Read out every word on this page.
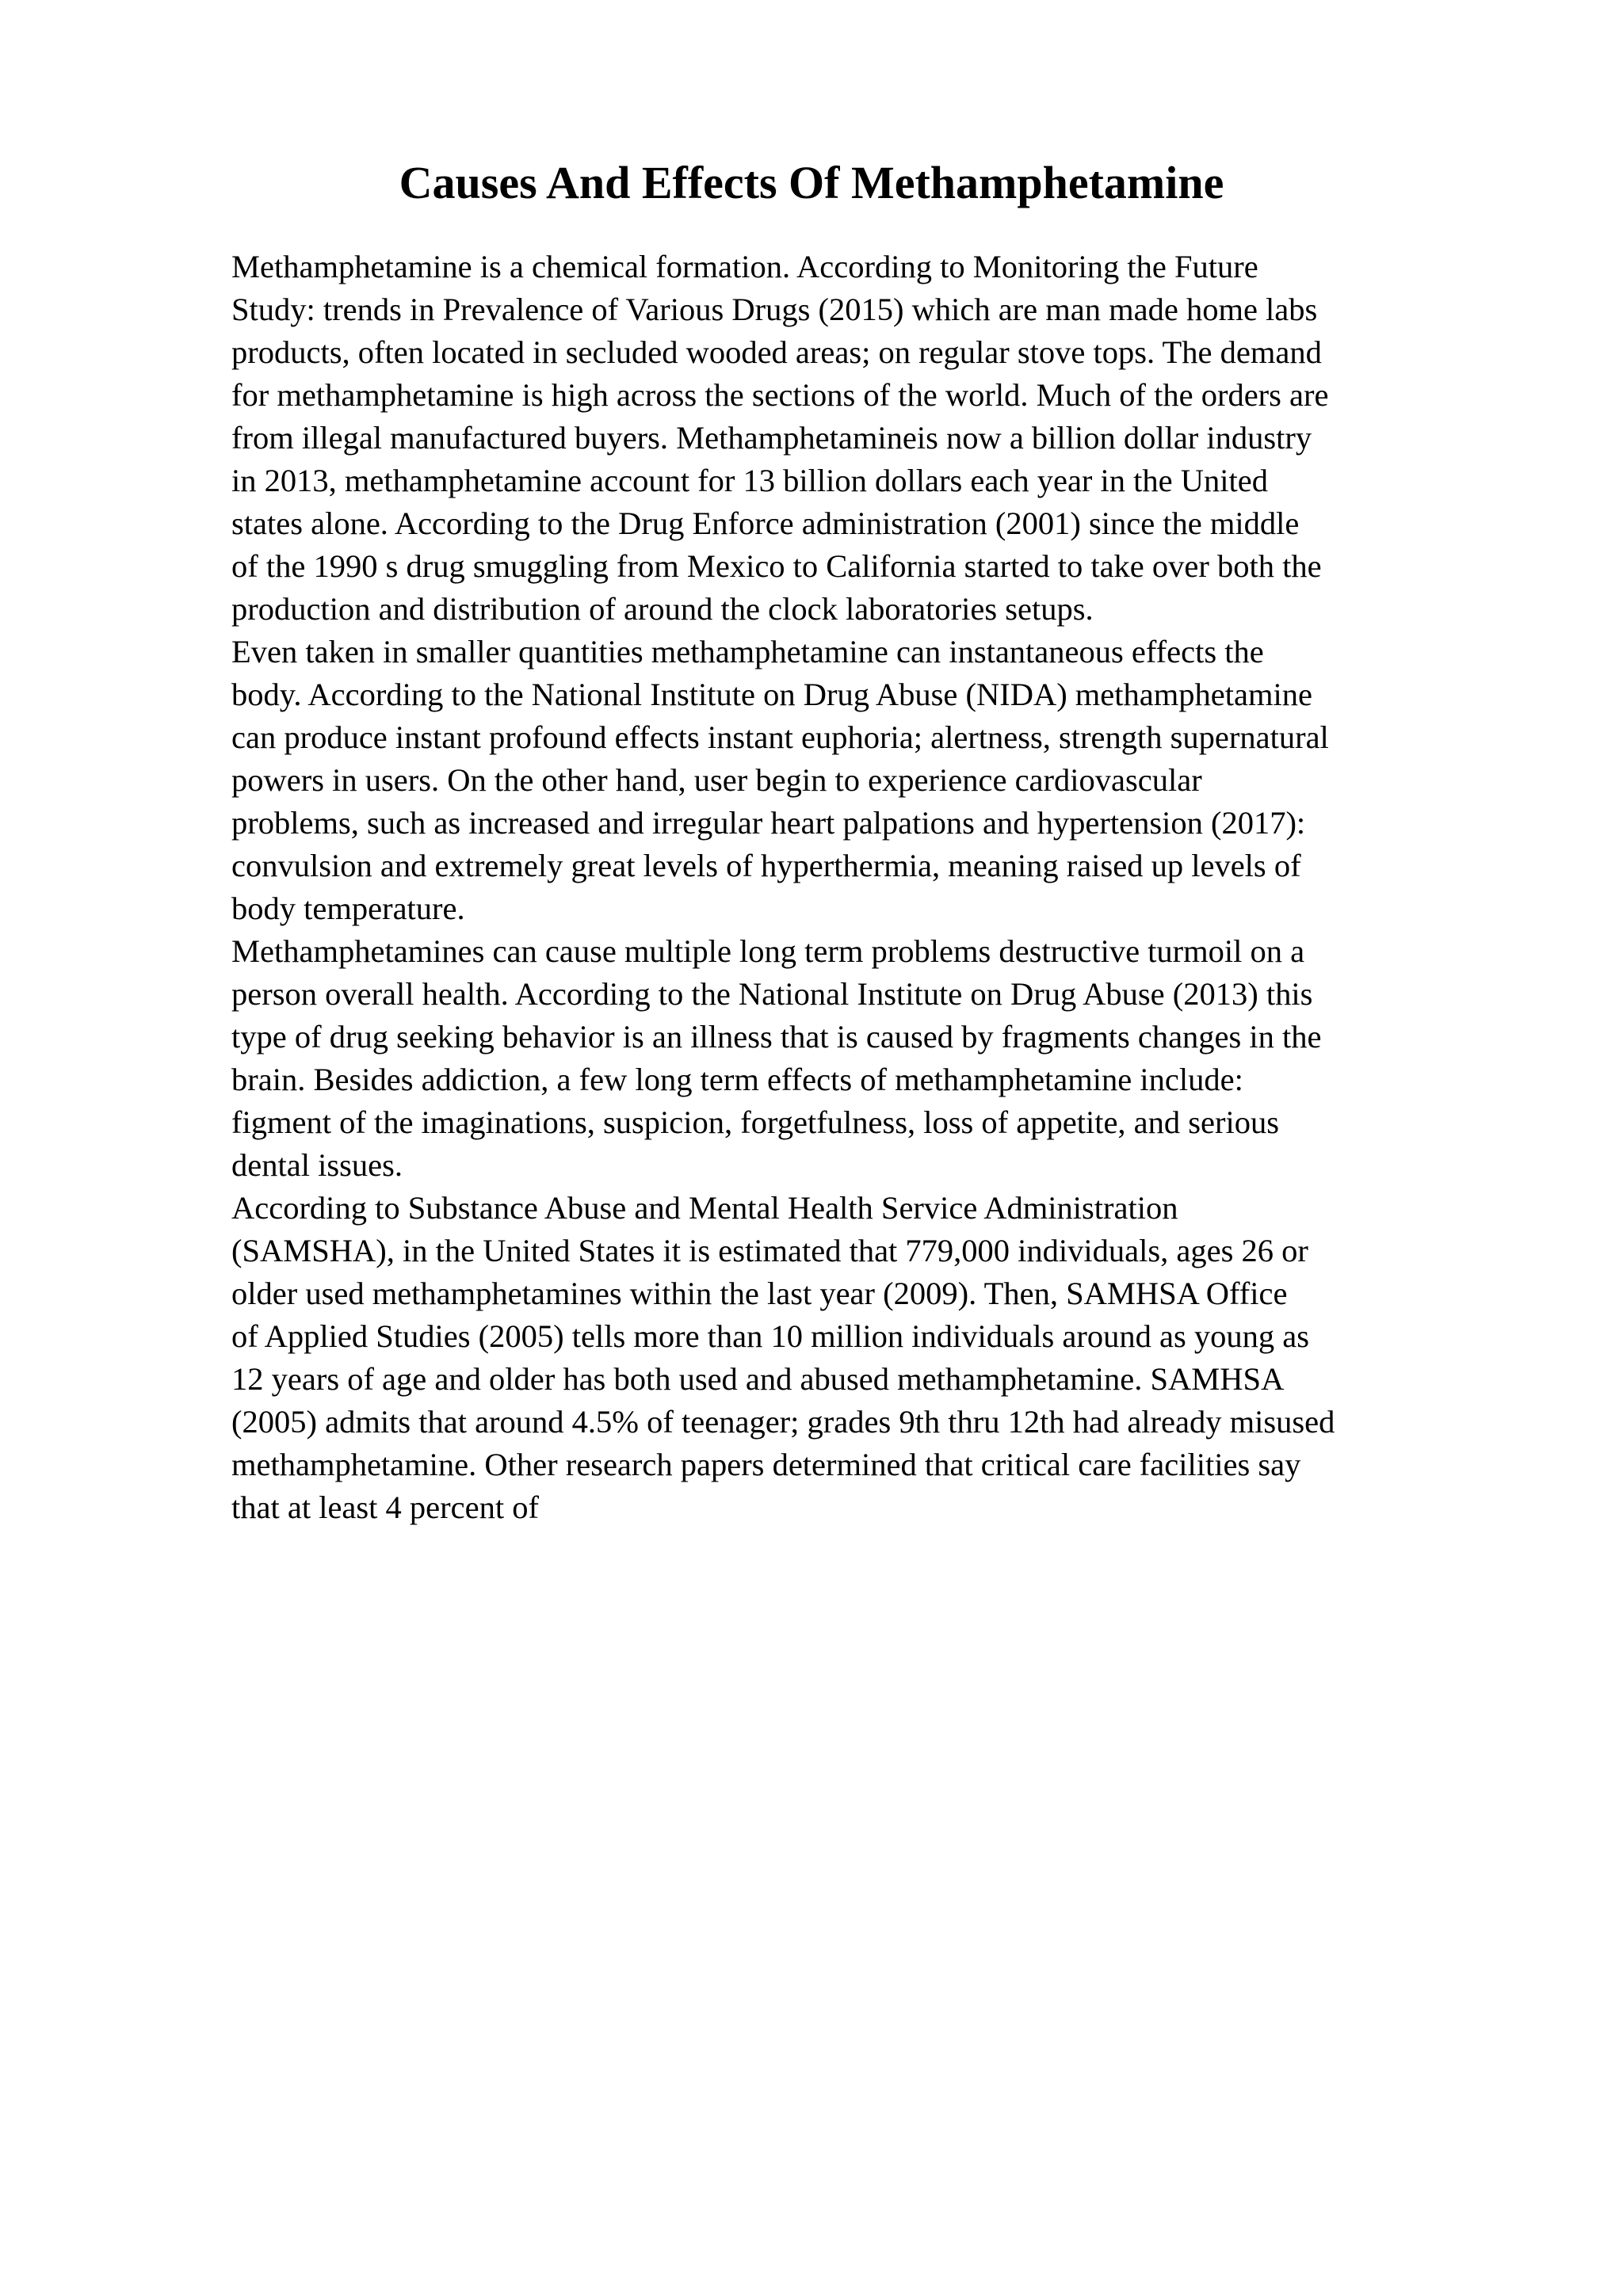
Causes And Effects Of Methamphetamine
Methamphetamine is a chemical formation. According to Monitoring the Future
Study: trends in Prevalence of Various Drugs (2015) which are man made home labs
products, often located in secluded wooded areas; on regular stove tops. The demand
for methamphetamine is high across the sections of the world. Much of the orders are
from illegal manufactured buyers. Methamphetamineis now a billion dollar industry
in 2013, methamphetamine account for 13 billion dollars each year in the United
states alone. According to the Drug Enforce administration (2001) since the middle
of the 1990 s drug smuggling from Mexico to California started to take over both the
production and distribution of around the clock laboratories setups.
Even taken in smaller quantities methamphetamine can instantaneous effects the
body. According to the National Institute on Drug Abuse (NIDA) methamphetamine
can produce instant profound effects instant euphoria; alertness, strength supernatural
powers in users. On the other hand, user begin to experience cardiovascular
problems, such as increased and irregular heart palpations and hypertension (2017):
convulsion and extremely great levels of hyperthermia, meaning raised up levels of
body temperature.
Methamphetamines can cause multiple long term problems destructive turmoil on a
person overall health. According to the National Institute on Drug Abuse (2013) this
type of drug seeking behavior is an illness that is caused by fragments changes in the
brain. Besides addiction, a few long term effects of methamphetamine include:
figment of the imaginations, suspicion, forgetfulness, loss of appetite, and serious
dental issues.
According to Substance Abuse and Mental Health Service Administration
(SAMSHA), in the United States it is estimated that 779,000 individuals, ages 26 or
older used methamphetamines within the last year (2009). Then, SAMHSA Office
of Applied Studies (2005) tells more than 10 million individuals around as young as
12 years of age and older has both used and abused methamphetamine. SAMHSA
(2005) admits that around 4.5% of teenager; grades 9th thru 12th had already misused
methamphetamine. Other research papers determined that critical care facilities say
that at least 4 percent of
